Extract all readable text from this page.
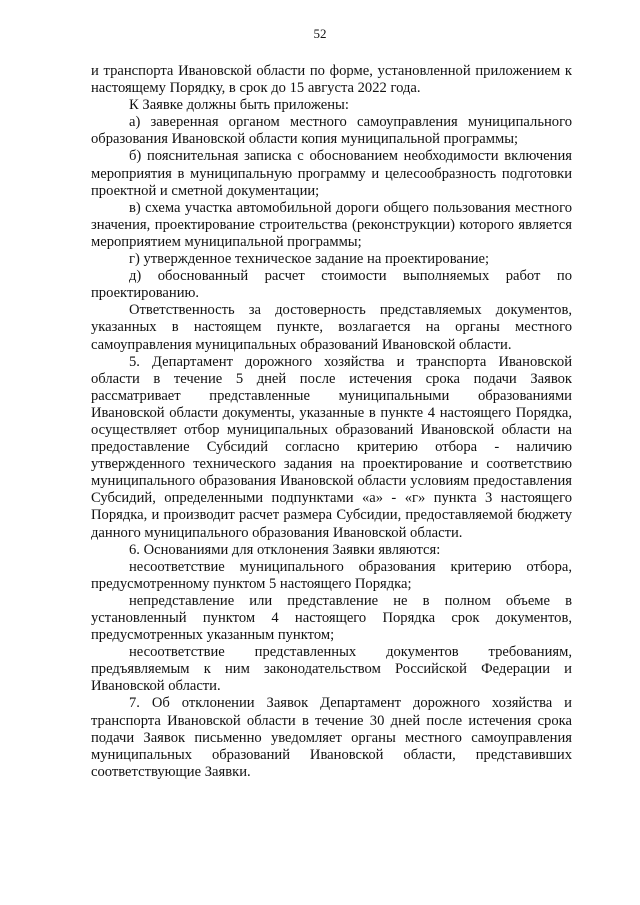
52

и транспорта Ивановской области по форме, установленной приложением к настоящему Порядку, в срок до 15 августа 2022 года.

К Заявке должны быть приложены:

а) заверенная органом местного самоуправления муниципального образования Ивановской области копия муниципальной программы;

б) пояснительная записка с обоснованием необходимости включения мероприятия в муниципальную программу и целесообразность подготовки проектной и сметной документации;

в) схема участка автомобильной дороги общего пользования местного значения, проектирование строительства (реконструкции) которого является мероприятием муниципальной программы;

г) утвержденное техническое задание на проектирование;

д) обоснованный расчет стоимости выполняемых работ по проектированию.

Ответственность за достоверность представляемых документов, указанных в настоящем пункте, возлагается на органы местного самоуправления муниципальных образований Ивановской области.

5. Департамент дорожного хозяйства и транспорта Ивановской области в течение 5 дней после истечения срока подачи Заявок рассматривает представленные муниципальными образованиями Ивановской области документы, указанные в пункте 4 настоящего Порядка, осуществляет отбор муниципальных образований Ивановской области на предоставление Субсидий согласно критерию отбора - наличию утвержденного технического задания на проектирование и соответствию муниципального образования Ивановской области условиям предоставления Субсидий, определенными подпунктами «а» - «г» пункта 3 настоящего Порядка, и производит расчет размера Субсидии, предоставляемой бюджету данного муниципального образования Ивановской области.

6. Основаниями для отклонения Заявки являются:

несоответствие муниципального образования критерию отбора, предусмотренному пунктом 5 настоящего Порядка;

непредставление или представление не в полном объеме в установленный пунктом 4 настоящего Порядка срок документов, предусмотренных указанным пунктом;

несоответствие представленных документов требованиям, предъявляемым к ним законодательством Российской Федерации и Ивановской области.

7. Об отклонении Заявок Департамент дорожного хозяйства и транспорта Ивановской области в течение 30 дней после истечения срока подачи Заявок письменно уведомляет органы местного самоуправления муниципальных образований Ивановской области, представивших соответствующие Заявки.
